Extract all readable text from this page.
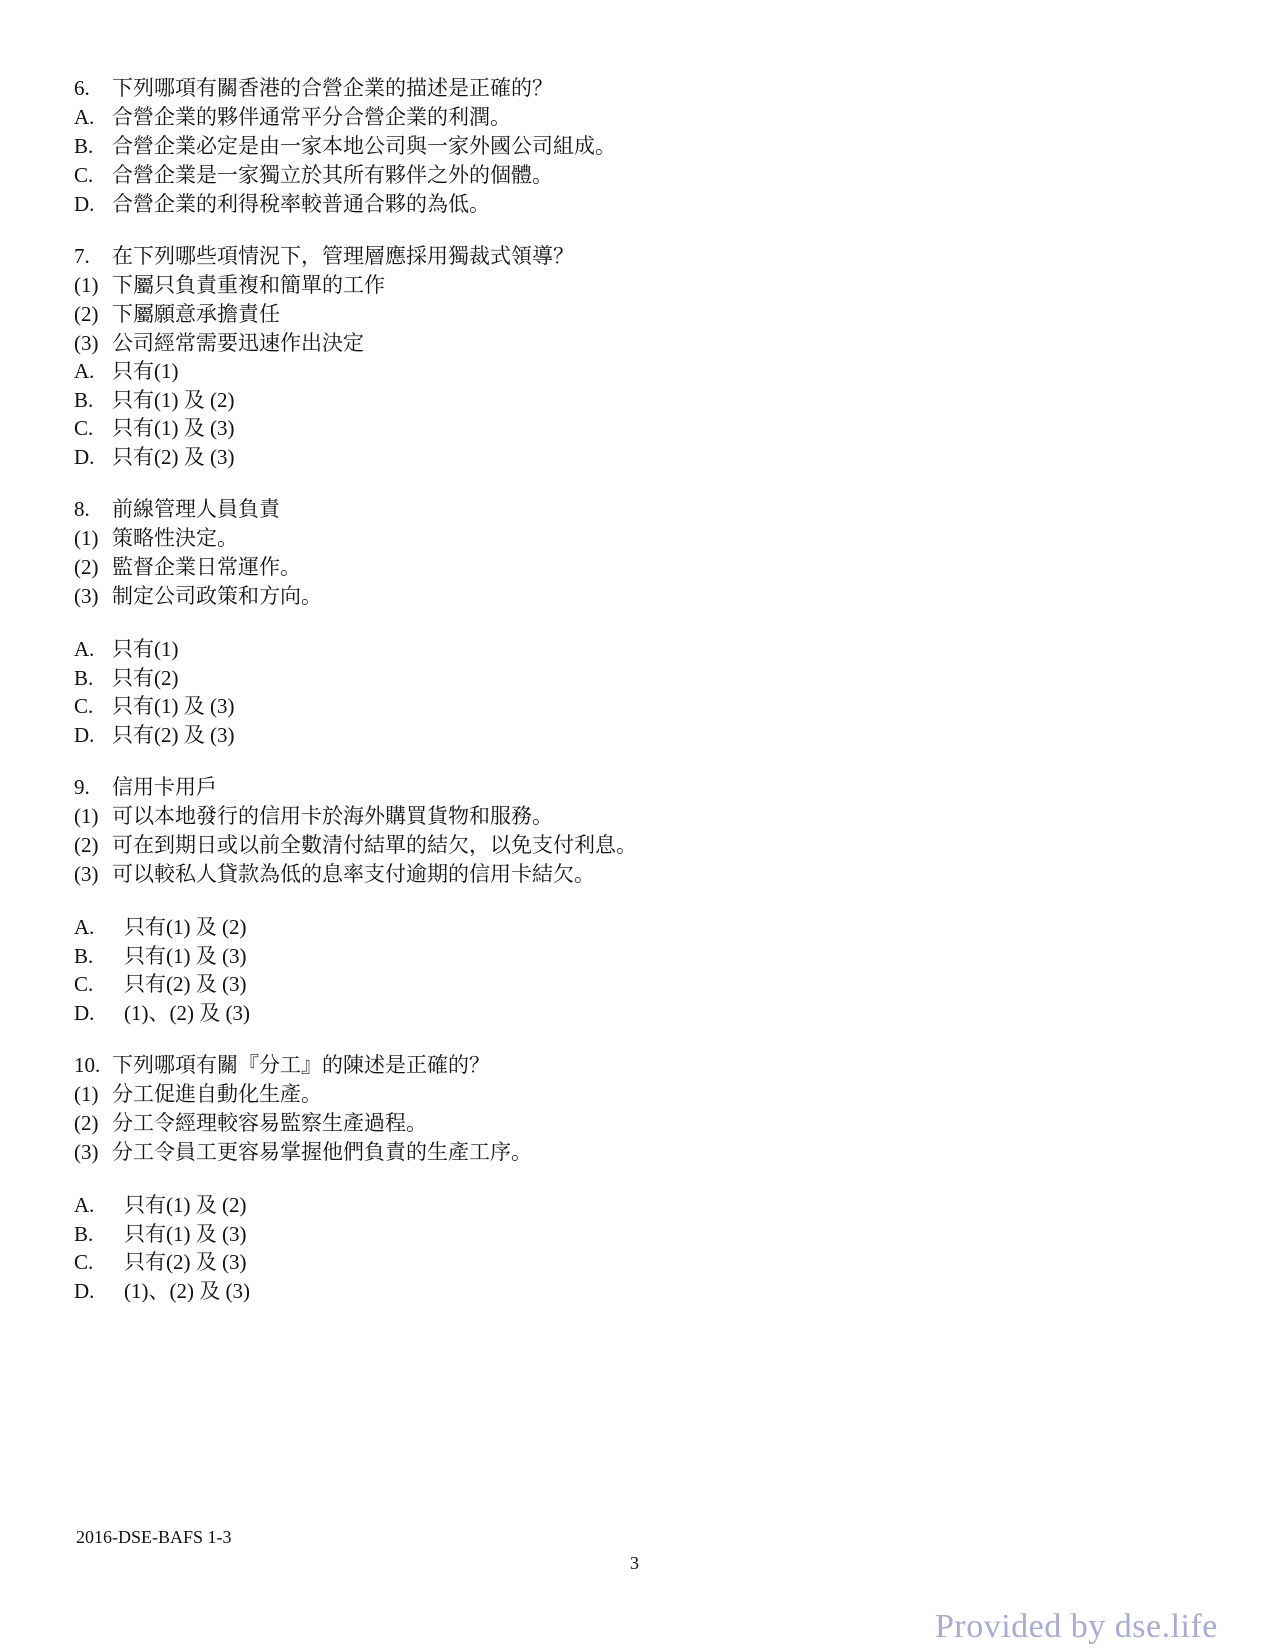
6. 下列哪項有關香港的合營企業的描述是正確的？
A. 合營企業的夥伴通常平分合營企業的利潤。
B. 合營企業必定是由一家本地公司與一家外國公司組成。
C. 合營企業是一家獨立於其所有夥伴之外的個體。
D. 合營企業的利得稅率較普通合夥的為低。
7. 在下列哪些項情況下，管理層應採用獨裁式領導？
(1) 下屬只負責重複和簡單的工作
(2) 下屬願意承擔責任
(3) 公司經常需要迅速作出決定
A. 只有(1)
B. 只有(1) 及 (2)
C. 只有(1) 及 (3)
D. 只有(2) 及 (3)
8. 前線管理人員負責
(1) 策略性決定。
(2) 監督企業日常運作。
(3) 制定公司政策和方向。
A. 只有(1)
B. 只有(2)
C. 只有(1) 及 (3)
D. 只有(2) 及 (3)
9. 信用卡用戶
(1) 可以本地發行的信用卡於海外購買貨物和服務。
(2) 可在到期日或以前全數清付結單的結欠，以免支付利息。
(3) 可以較私人貸款為低的息率支付逾期的信用卡結欠。
A. 只有(1) 及 (2)
B. 只有(1) 及 (3)
C. 只有(2) 及 (3)
D. (1)、(2) 及 (3)
10. 下列哪項有關『分工』的陳述是正確的？
(1) 分工促進自動化生產。
(2) 分工令經理較容易監察生產過程。
(3) 分工令員工更容易掌握他們負責的生產工序。
A. 只有(1) 及 (2)
B. 只有(1) 及 (3)
C. 只有(2) 及 (3)
D. (1)、(2) 及 (3)
2016-DSE-BAFS 1-3
3
Provided by dse.life
